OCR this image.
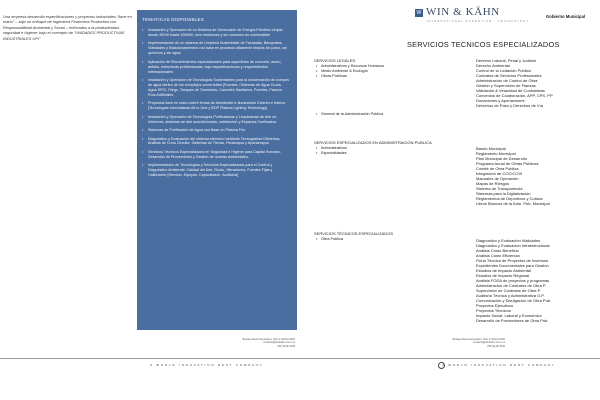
Una empresa desarrolla especificaciones y proyectos industriales "llave en mano" – bajo un enfoque de Ingeniería Financiera Productiva con Responsabilidad Ambiental y Social – enfocados a la productividad, seguridad e higiene; bajo el concepto de "UNIDADES PRODUCTIVAS INDUSTRIALES UPI"

TEMATICAS DISPONIBLES
• Instalación y Operación de un Sistema de Generación de Energía Eléctrica Limpia desde 30KW hasta 100MW, cero emisiones y sin consumo de combustible
• Implementación de un sistema de Limpieza Sustentable de Fachadas, Banquetas, Vialidades y Estacionamientos con base en procesos altamente limpios sin polvo, sin químicos y sin agua
• Aplicación de Recubrimientos especializados para superficies de concreto, acero, asfalto, estructuras prefabricadas; bajo especificaciones y requerimientos internacionales
• Instalación y Operación de Tecnologías Sustentables para la conservación de cuerpos de agua dentro de los complejos comerciales [Fuentes, Cisternas de Agua Cruda, Agua SPCI, Riego, Tanques de Tormentas, Canceles Sanitarios, Fuentes, Paseos, Ríos Artificiales
• Proyectos llave en mano sobre temas de Alumbrado e Iluminación Exterior e Interior [Tecnologías fotovoltaicas All-in-One y BOP Plasma Lighting Technology]
• Instalación y Operación de Tecnologías Purificadoras y Limpiadoras de Aire en Interiores, sistemas de aire acondicionado, calefacción y Espacios Confinados.
• Sistemas de Purificación de Agua con Base en Plasma Frío
• Diagnóstico y Evaluación del sistema eléctrico mediante Termografías Eléctricas, Análisis de Corto Circuito, Sistemas de Tierras, Pararrayos y Apartarrayos
• Servicios Técnicos Especializados en Seguridad e Higiene para Capital Humano, Desarrollo de Proveedores y Gestión de normas ambientales.
• Implementación de Tecnologías y Servicios Especializados para el Control y Diagnóstico Ambiental. Calidad del Aire, Ruido, Vibraciones, Fuentes Fijas y Calibración [Servicio, Equipos, Capacitación, Auditoría]
Bosque Real Corporativo, Piso 2 oficina 2020
contacto@winkahn.com.mx
(55) 9149-4449
A WORLD INNOVATION RENT COMPANY
W WIN & KÄHN
INTERNATIONAL EXPERTISE · TECHNOLOGY
Gobierno Municipal
SERVICIOS TECNICOS ESPECIALIZADOS
SERVICIOS LEGALES
• Administrativos y Recursos Humanos
• Medio Ambiente & Ecología
• Obras Publicas
• General de la Administración Pública
Derecho Laboral, Penal y Judicial
Derecho Ambiental
Control de la Licitación Publica
Contratos de Servicios Profesionales
Administración de Control de Obra
Gestión y Supervisión de Fianzas
Validación & Veracidad de Contratistas
Convenios de Colaboración, APP, CPS, PP
Donaciones y Aportaciones
Derechos de Paso y Derechos de Vía
SERVICIOS ESPECIALIZADOS EN ADMINISTRACIÓN PUBLICA
• Administrativos
• Especialidades
Bando Municipal
Reglamento Municipal
Plan Municipal de Desarrollo
Programa Anual de Obras Publicas
Comité de Obra Publica
Integración de COCICOVI
Manuales de Operación
Mapas de Riesgos
Sistema de Transparencia
Sistemas para la Digitalización
Reglamentos de Deportivos y Cultura
Libros Blancos de la Adm. Pub. Municipal
SERVICIOS TÉCNICOS ESPECIALIZADOS
• Obra Publica	Diagnostico y Evaluación Vialidades
Diagnostico y Evaluación Infraestructuras
Análisis Costo Beneficio
Análisis Costo Eficiencia
Ficha Técnica de Proyectos de Inversión
Expedientes Documentales para Gestión
Estudios de Impacto Ambiental
Estudios de Impacto Regional
Análisis FODA de proyectos y programas
Administración de Contratos de Obra P.
Supervisión de Contratos de Obra P.
Auditoria Técnica y Administrativa O.P.
Comunicación y Divulgación de Obra Pub.
Proyectos Ejecutivos
Proyectos Técnicos
Impacto Social, Laboral y Económico
Desarrollo de Proveedores de Obra Pub.
Bosque Real Corporativo, Piso 2 oficina 2020
contacto@winkahn.com.mx
(55) 9149-4449
A WORLD INNOVATION RENT COMPANY
